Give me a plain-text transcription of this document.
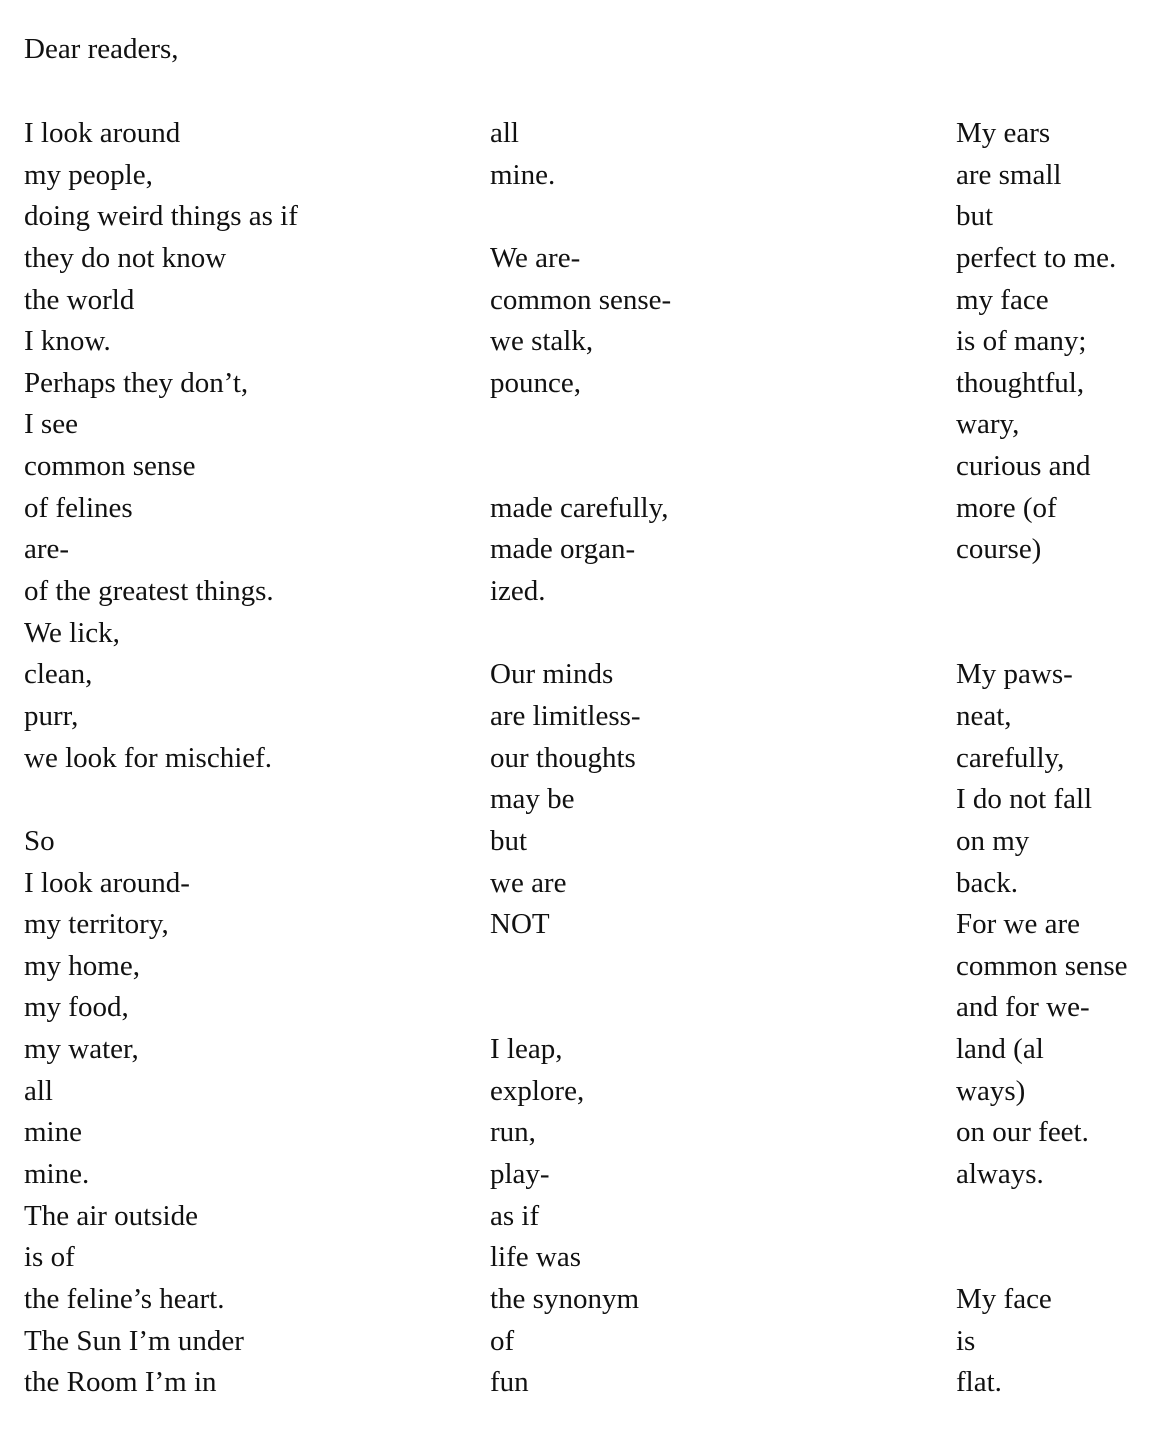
Dear readers,

I look around
my people,
doing weird things as if
they do not know
the world
I know.
Perhaps they don’t,
I see
common sense
of felines
are-
of the greatest things.
We lick,
clean,
purr,
we look for mischief.
So
I look around-
my territory,
my home,
my food,
my water,
all
mine
mine.
The air outside
is of
the feline’s heart.
The Sun I’m under
the Room I’m in
all
mine.
We are-
common sense-
we stalk,
pounce,
made carefully,
made organ-
ized.
Our minds
are limitless-
our thoughts
may be
but
we are
NOT
I leap,
explore,
run,
play-
as if
life was
the synonym
of
fun
My ears
are small
but
perfect to me.
my face
is of many;
thoughtful,
wary,
curious and
more (of
course)
My paws-
neat,
carefully,
I do not fall
on my
back.
For we are
common sense
and for we-
land (al
ways)
on our feet.
always.
My face
is
flat.
